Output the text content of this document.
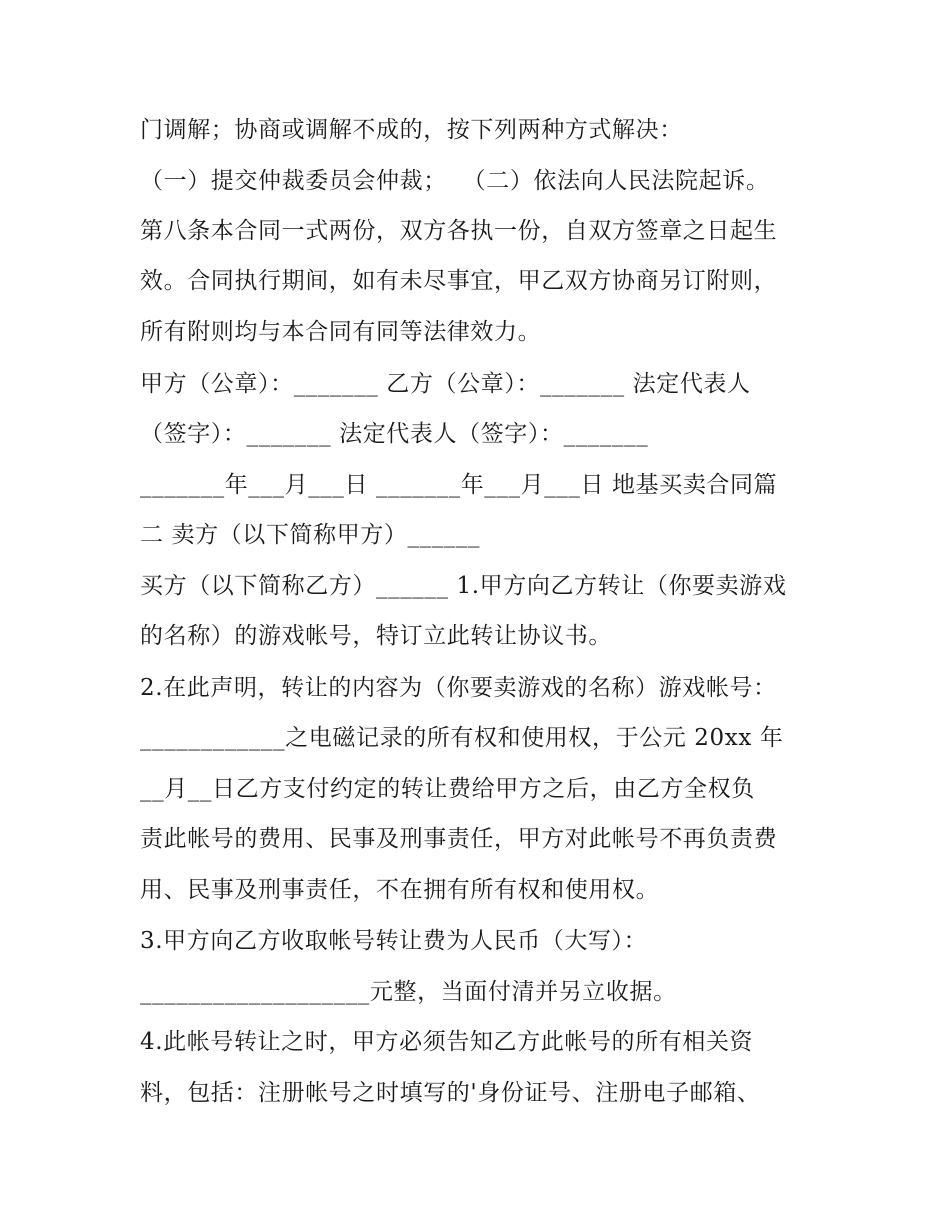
门调解；协商或调解不成的，按下列两种方式解决：
（一）提交仲裁委员会仲裁；  （二）依法向人民法院起诉。
第八条本合同一式两份，双方各执一份，自双方签章之日起生
效。合同执行期间，如有未尽事宜，甲乙双方协商另订附则，
所有附则均与本合同有同等法律效力。
甲方（公章）：_______ 乙方（公章）：_______ 法定代表人
（签字）：_______ 法定代表人（签字）：_______
_______年___月___日 _______年___月___日 地基买卖合同篇
二 卖方（以下简称甲方）______
买方（以下简称乙方）______ 1.甲方向乙方转让（你要卖游戏
的名称）的游戏帐号，特订立此转让协议书。
2.在此声明，转让的内容为（你要卖游戏的名称）游戏帐号：
____________之电磁记录的所有权和使用权，于公元 20xx 年
__月__日乙方支付约定的转让费给甲方之后，由乙方全权负
责此帐号的费用、民事及刑事责任，甲方对此帐号不再负责费
用、民事及刑事责任，不在拥有所有权和使用权。
3.甲方向乙方收取帐号转让费为人民币（大写）：
___________________元整，当面付清并另立收据。
4.此帐号转让之时，甲方必须告知乙方此帐号的所有相关资
料，包括：注册帐号之时填写的'身份证号、注册电子邮箱、
